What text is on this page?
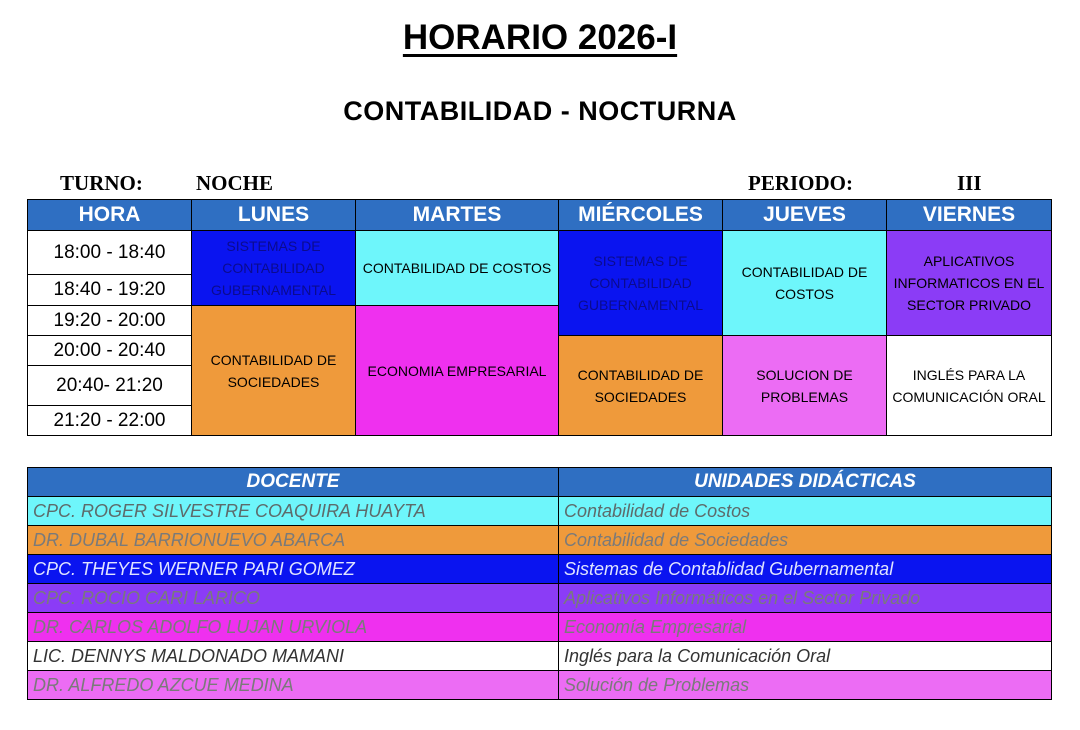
HORARIO 2026-I
CONTABILIDAD - NOCTURNA
TURNO:	NOCHE	PERIODO:	III
HORA	LUNES	MARTES	MIÉRCOLES	JUEVES	VIERNES
18:00 - 18:40	SISTEMAS DE CONTABILIDAD GUBERNAMENTAL	CONTABILIDAD DE COSTOS	SISTEMAS DE CONTABILIDAD GUBERNAMENTAL	CONTABILIDAD DE COSTOS	APLICATIVOS INFORMATICOS EN EL SECTOR PRIVADO
18:40 - 19:20					
19:20 - 20:00	CONTABILIDAD DE SOCIEDADES	ECONOMIA EMPRESARIAL			
20:00 - 20:40			CONTABILIDAD DE SOCIEDADES	SOLUCION DE PROBLEMAS	INGLÉS PARA LA COMUNICACIÓN ORAL
20:40- 21:20					
21:20 - 22:00					
DOCENTE	UNIDADES DIDÁCTICAS
CPC. ROGER SILVESTRE COAQUIRA HUAYTA	Contabilidad de Costos
DR. DUBAL BARRIONUEVO ABARCA	Contabilidad de Sociedades
CPC. THEYES WERNER PARI GOMEZ	Sistemas de Contablidad Gubernamental
CPC. ROCIO CARI LARICO	Aplicativos Informáticos en el Sector Privado
DR. CARLOS ADOLFO LUJAN URVIOLA	Economía Empresarial
LIC. DENNYS MALDONADO MAMANI	Inglés para la Comunicación Oral
DR. ALFREDO AZCUE MEDINA	Solución de Problemas
